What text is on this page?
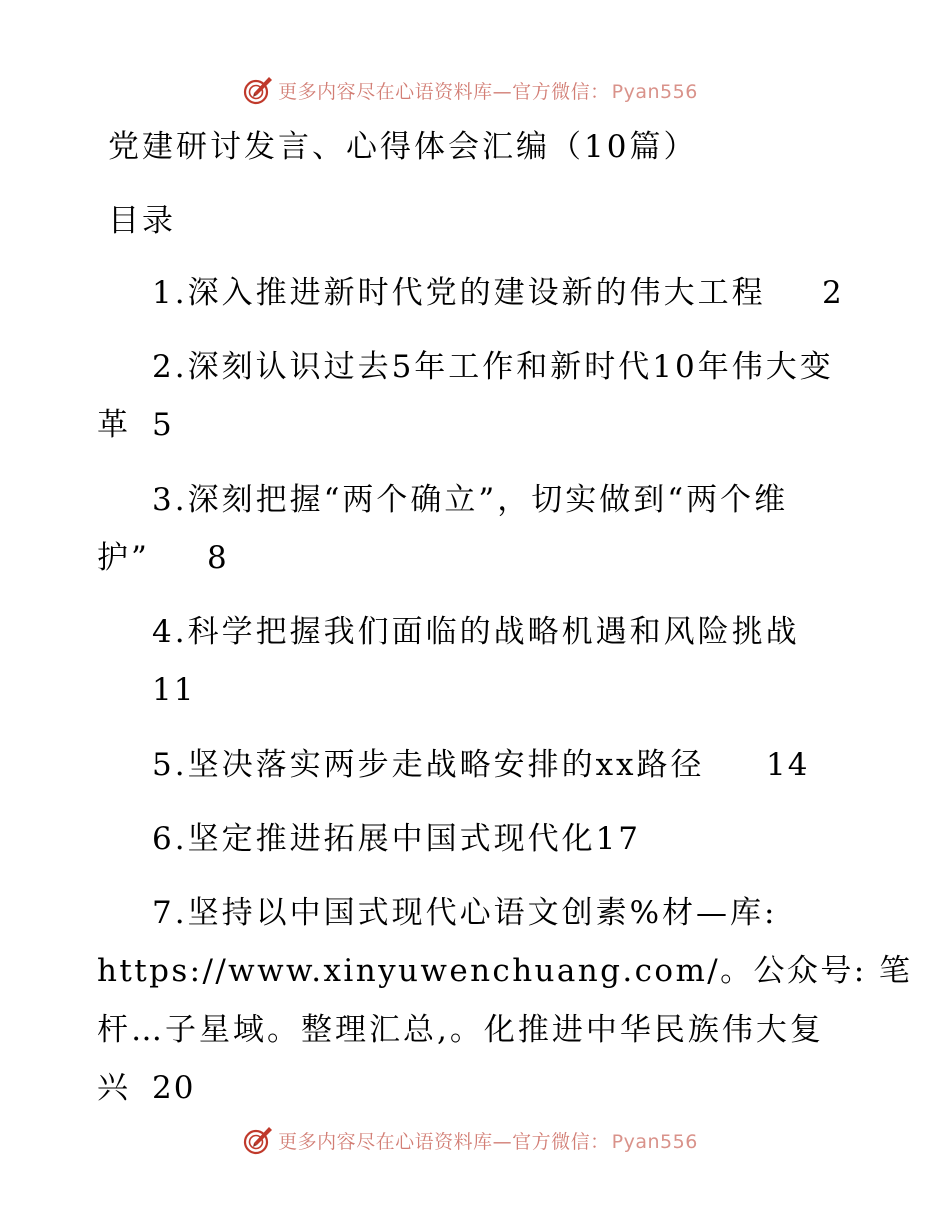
更多内容尽在心语资料库—官方微信： Pyan556
党建研讨发言、心得体会汇编（10篇）
目录
1.深入推进新时代党的建设新的伟大工程 2
2.深刻认识过去5年工作和新时代10年伟大变
革 5
3.深刻把握“两个确立”，切实做到“两个维
护” 8
4.科学把握我们面临的战略机遇和风险挑战
11
5.坚决落实两步走战略安排的xx路径 14
6.坚定推进拓展中国式现代化17
7.坚持以中国式现代心语文创素%材—库:
https://www.xinyuwenchuang.com/。公众号: 笔
杆…子星域。整理汇总,。化推进中华民族伟大复
兴 20
更多内容尽在心语资料库—官方微信： Pyan556
